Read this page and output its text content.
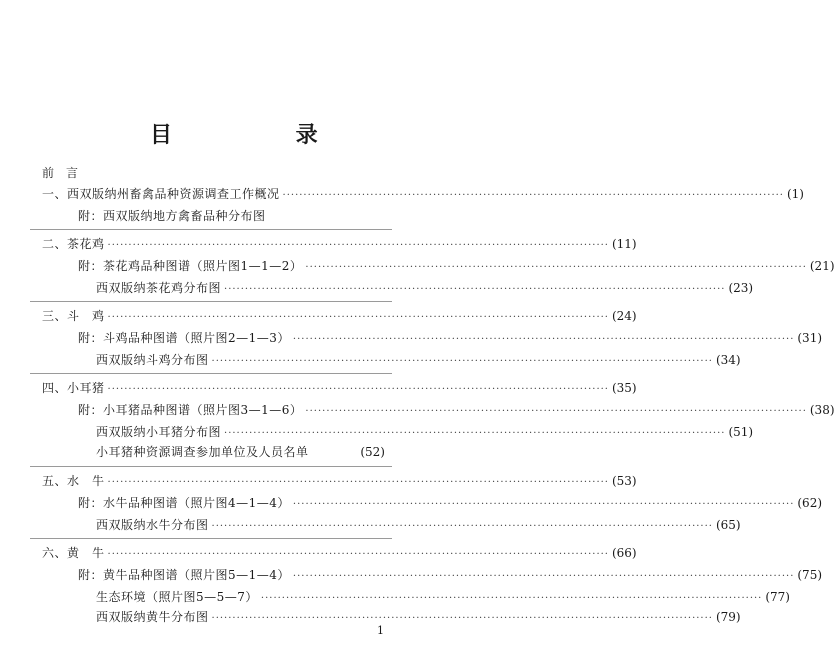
目 录
前言
一、西双版纳州畜禽品种资源调查工作概况 ························································································································ (1)
附：西双版纳地方禽畜品种分布图
二、茶花鸡 ························································································································ (11)
附：茶花鸡品种图谱（照片图1—1—2） ························································································································ (21)
西双版纳茶花鸡分布图 ························································································································ (23)
三、斗　鸡 ························································································································ (24)
附：斗鸡品种图谱（照片图2—1—3） ························································································································ (31)
西双版纳斗鸡分布图 ························································································································ (34)
四、小耳猪 ························································································································ (35)
附：小耳猪品种图谱（照片图3—1—6） ························································································································ (38)
西双版纳小耳猪分布图 ························································································································ (51)
小耳猪种资源调查参加单位及人员名单	(52)
五、水　牛 ························································································································ (53)
附：水牛品种图谱（照片图4—1—4） ························································································································ (62)
西双版纳水牛分布图 ························································································································ (65)
六、黄　牛 ························································································································ (66)
附：黄牛品种图谱（照片图5—1—4） ························································································································ (75)
生态环境（照片图5—5—7） ························································································································ (77)
西双版纳黄牛分布图 ························································································································ (79)
1
